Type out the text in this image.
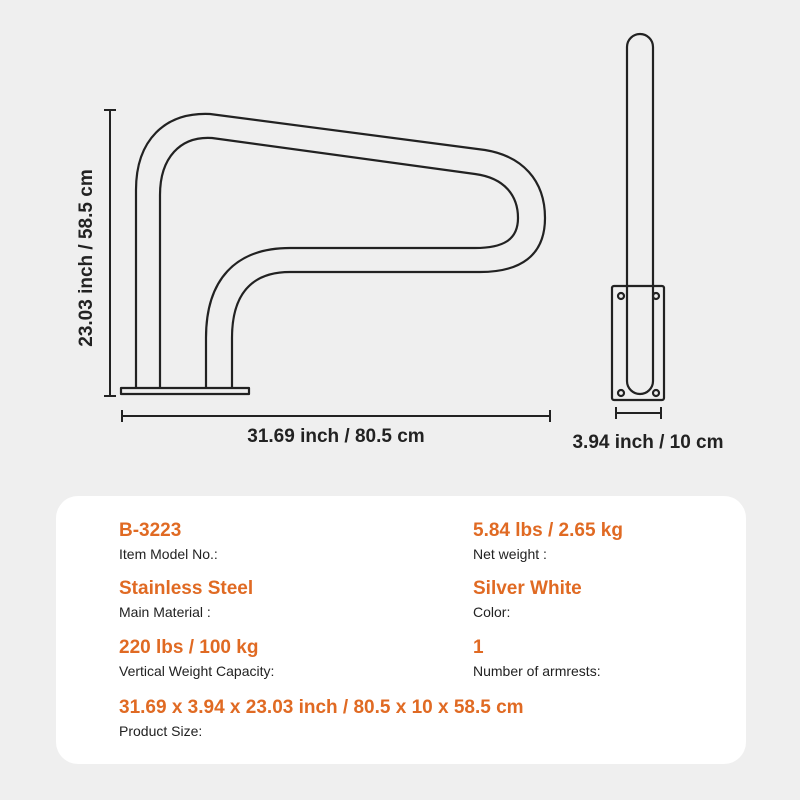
31.69 inch / 80.5 cm
23.03 inch / 58.5 cm
3.94 inch / 10 cm
B-3223
Item Model No.:
Stainless Steel
Main Material :
220 lbs / 100 kg
Vertical Weight Capacity:
31.69 x 3.94 x 23.03 inch / 80.5 x 10 x 58.5 cm
Product Size:
5.84 lbs / 2.65 kg
Net weight :
Silver White
Color:
1
Number of armrests:
